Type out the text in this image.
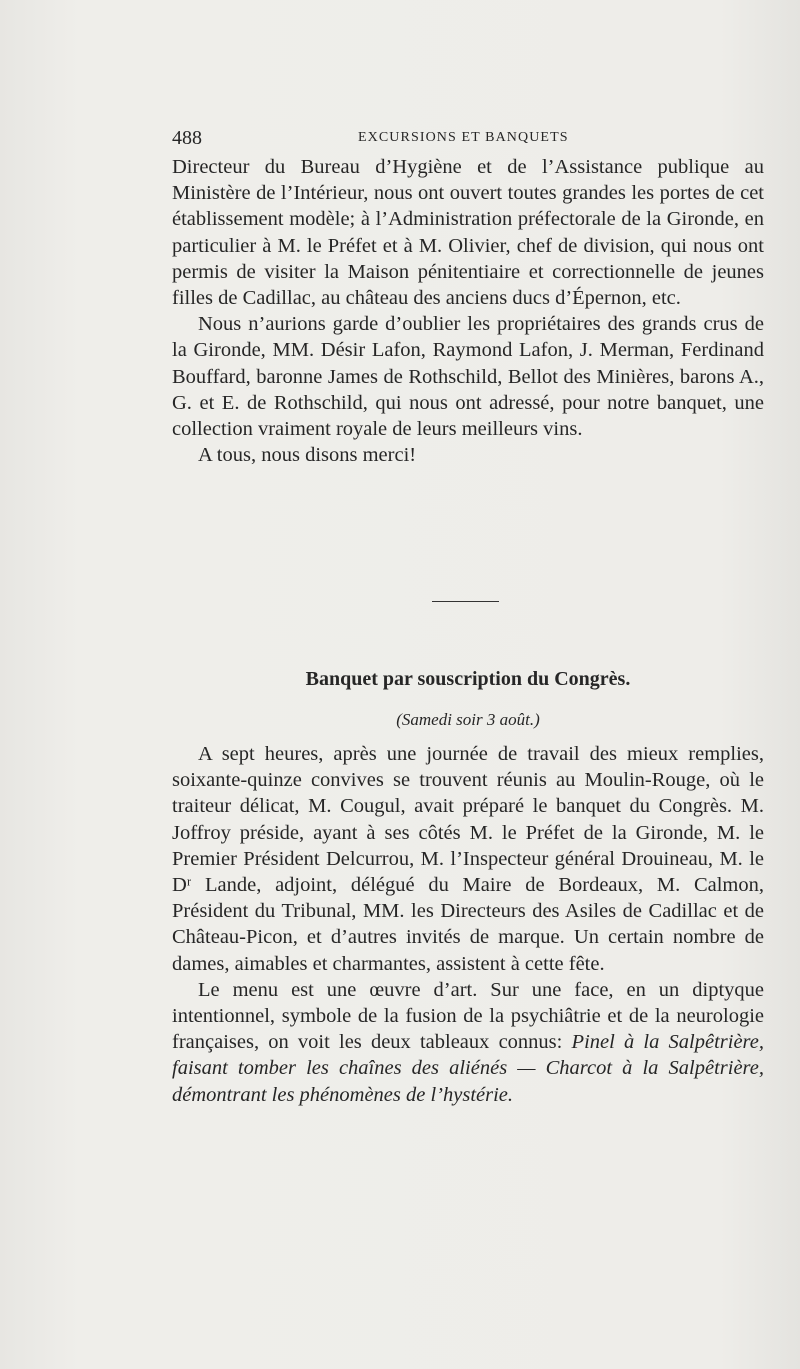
488	EXCURSIONS ET BANQUETS

Directeur du Bureau d’Hygiène et de l’Assistance publique au Ministère de l’Intérieur, nous ont ouvert toutes grandes les portes de cet établissement modèle; à l’Administration préfectorale de la Gironde, en particulier à M. le Préfet et à M. Olivier, chef de division, qui nous ont permis de visiter la Maison pénitentiaire et correctionnelle de jeunes filles de Cadillac, au château des anciens ducs d’Épernon, etc.

Nous n’aurions garde d’oublier les propriétaires des grands crus de la Gironde, MM. Désir Lafon, Raymond Lafon, J. Merman, Ferdinand Bouffard, baronne James de Rothschild, Bellot des Minières, barons A., G. et E. de Rothschild, qui nous ont adressé, pour notre banquet, une collection vraiment royale de leurs meilleurs vins.

A tous, nous disons merci!

Banquet par souscription du Congrès.
(Samedi soir 3 août.)

A sept heures, après une journée de travail des mieux remplies, soixante-quinze convives se trouvent réunis au Moulin-Rouge, où le traiteur délicat, M. Cougul, avait préparé le banquet du Congrès. M. Joffroy préside, ayant à ses côtés M. le Préfet de la Gironde, M. le Premier Président Delcurrou, M. l’Inspecteur général Drouineau, M. le Dʳ Lande, adjoint, délégué du Maire de Bordeaux, M. Calmon, Président du Tribunal, MM. les Directeurs des Asiles de Cadillac et de Château-Picon, et d’autres invités de marque. Un certain nombre de dames, aimables et charmantes, assistent à cette fête.

Le menu est une œuvre d’art. Sur une face, en un diptyque intentionnel, symbole de la fusion de la psychiâtrie et de la neurologie françaises, on voit les deux tableaux connus: Pinel à la Salpêtrière, faisant tomber les chaînes des aliénés — Charcot à la Salpêtrière, démontrant les phénomènes de l’hystérie.
